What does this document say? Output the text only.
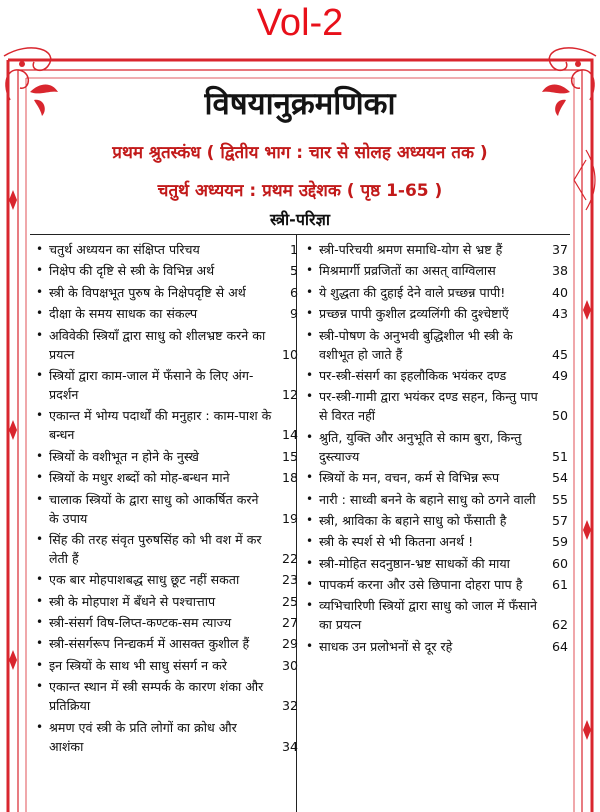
Vol-2
विषयानुक्रमणिका
प्रथम श्रुतस्कंध ( द्वितीय भाग : चार से सोलह अध्ययन तक )
चतुर्थ अध्ययन : प्रथम उद्देशक ( पृष्ठ 1-65 )
स्त्री-परिज्ञा
• चतुर्थ अध्ययन का संक्षिप्त परिचय	1
• निक्षेप की दृष्टि से स्त्री के विभिन्न अर्थ	5
• स्त्री के विपक्षभूत पुरुष के निक्षेपदृष्टि से अर्थ	6
• दीक्षा के समय साधक का संकल्प	9
• अविवेकी स्त्रियाँ द्वारा साधु को शीलभ्रष्ट करने का प्रयत्न	10
• स्त्रियों द्वारा काम-जाल में फँसाने के लिए अंग-प्रदर्शन	12
• एकान्त में भोग्य पदार्थों की मनुहार : काम-पाश के बन्धन	14
• स्त्रियों के वशीभूत न होने के नुस्खे	15
• स्त्रियों के मधुर शब्दों को मोह-बन्धन माने	18
• चालाक स्त्रियों के द्वारा साधु को आकर्षित करने के उपाय	19
• सिंह की तरह संवृत पुरुषसिंह को भी वश में कर लेती हैं	22
• एक बार मोहपाशबद्ध साधु छूट नहीं सकता	23
• स्त्री के मोहपाश में बँधने से पश्चात्ताप	25
• स्त्री-संसर्ग विष-लिप्त-कण्टक-सम त्याज्य	27
• स्त्री-संसर्गरूप निन्द्यकर्म में आसक्त कुशील हैं	29
• इन स्त्रियों के साथ भी साधु संसर्ग न करे	30
• एकान्त स्थान में स्त्री सम्पर्क के कारण शंका और प्रतिक्रिया	32
• श्रमण एवं स्त्री के प्रति लोगों का क्रोध और आशंका	34
• स्त्री-परिचयी श्रमण समाधि-योग से भ्रष्ट हैं	37
• मिश्रमार्गी प्रव्रजितों का असत् वाग्विलास	38
• ये शुद्धता की दुहाई देने वाले प्रच्छन्न पापी!	40
• प्रच्छन्न पापी कुशील द्रव्यलिंगी की दुश्चेष्टाएँ	43
• स्त्री-पोषण के अनुभवी बुद्धिशील भी स्त्री के वशीभूत हो जाते हैं	45
• पर-स्त्री-संसर्ग का इहलौकिक भयंकर दण्ड	49
• पर-स्त्री-गामी द्वारा भयंकर दण्ड सहन, किन्तु पाप से विरत नहीं	50
• श्रुति, युक्ति और अनुभूति से काम बुरा, किन्तु दुस्त्याज्य	51
• स्त्रियों के मन, वचन, कर्म से विभिन्न रूप	54
• नारी : साध्वी बनने के बहाने साधु को ठगने वाली	55
• स्त्री, श्राविका के बहाने साधु को फँसाती है	57
• स्त्री के स्पर्श से भी कितना अनर्थ !	59
• स्त्री-मोहित सदनुष्ठान-भ्रष्ट साधकों की माया	60
• पापकर्म करना और उसे छिपाना दोहरा पाप है	61
• व्यभिचारिणी स्त्रियों द्वारा साधु को जाल में फँसाने का प्रयत्न	62
• साधक उन प्रलोभनों से दूर रहे	64
